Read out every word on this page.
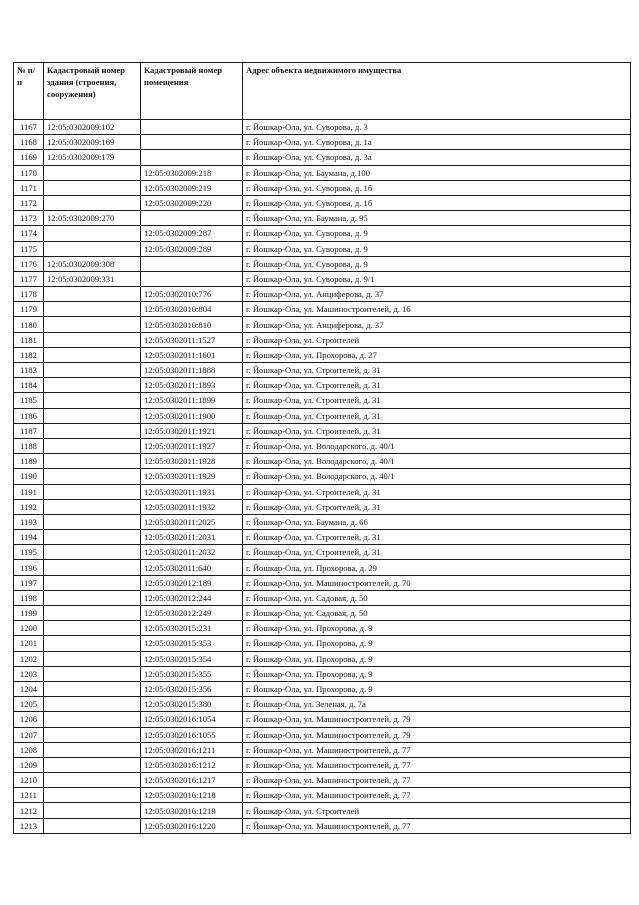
№ п/п	Кадастровый номер здания (строения, сооружения)	Кадастровый номер помещения	Адрес объекта недвижимого имущества
1167	12:05:0302009:102		г. Йошкар-Ола, ул. Суворова, д. 3
1168	12:05:0302009:169		г. Йошкар-Ола, ул. Суворова, д. 1а
1169	12:05:0302009:179		г. Йошкар-Ола, ул. Суворова, д. 3а
1170		12:05:0302009:218	г. Йошкар-Ола, ул. Баумана, д.100
1171		12:05:0302009:219	г. Йошкар-Ола, ул. Суворова, д. 1б
1172		12:05:0302009:220	г. Йошкар-Ола, ул. Суворова, д. 1б
1173	12:05:0302009:270		г. Йошкар-Ола, ул. Баумана, д. 95
1174		12:05:0302009:287	г. Йошкар-Ола, ул. Суворова, д. 9
1175		12:05:0302009:289	г. Йошкар-Ола, ул. Суворова, д. 9
1176	12:05:0302009:308		г. Йошкар-Ола, ул. Суворова, д. 9
1177	12:05:0302009:331		г. Йошкар-Ола, ул. Суворова, д. 9/1
1178		12:05:0302010:776	г. Йошкар-Ола, ул. Анциферова, д. 37
1179		12:05:0302010:804	г. Йошкар-Ола, ул. Машиностроителей, д. 16
1180		12:05:0302010:810	г. Йошкар-Ола, ул. Анциферова, д. 37
1181		12:05:0302011:1527	г. Йошкар-Ола, ул. Строителей
1182		12:05:0302011:1601	г. Йошкар-Ола, ул. Прохорова, д. 27
1183		12:05:0302011:1888	г. Йошкар-Ола, ул. Строителей, д. 31
1184		12:05:0302011:1893	г. Йошкар-Ола, ул. Строителей, д. 31
1185		12:05:0302011:1899	г. Йошкар-Ола, ул. Строителей, д. 31
1186		12:05:0302011:1900	г. Йошкар-Ола, ул. Строителей, д. 31
1187		12:05:0302011:1921	г. Йошкар-Ола, ул. Строителей, д. 31
1188		12:05:0302011:1927	г. Йошкар-Ола, ул. Володарского, д. 40/1
1189		12:05:0302011:1928	г. Йошкар-Ола, ул. Володарского, д. 40/1
1190		12:05:0302011:1929	г. Йошкар-Ола, ул. Володарского, д. 40/1
1191		12:05:0302011:1931	г. Йошкар-Ола, ул. Строителей, д. 31
1192		12:05:0302011:1932	г. Йошкар-Ола, ул. Строителей, д. 31
1193		12:05:0302011:2025	г. Йошкар-Ола, ул. Баумана, д. 66
1194		12:05:0302011:2031	г. Йошкар-Ола, ул. Строителей, д. 31
1195		12:05:0302011:2032	г. Йошкар-Ола, ул. Строителей, д. 31
1196		12:05:0302011:640	г. Йошкар-Ола, ул. Прохорова, д. 29
1197		12:05:0302012:189	г. Йошкар-Ола, ул. Машиностроителей, д. 70
1198		12:05:0302012:244	г. Йошкар-Ола, ул. Садовая, д. 50
1199		12:05:0302012:249	г. Йошкар-Ола, ул. Садовая, д. 50
1200		12:05:0302015:231	г. Йошкар-Ола, ул. Прохорова, д. 9
1201		12:05:0302015:353	г. Йошкар-Ола, ул. Прохорова, д. 9
1202		12:05:0302015:354	г. Йошкар-Ола, ул. Прохорова, д. 9
1203		12:05:0302015:355	г. Йошкар-Ола, ул. Прохорова, д. 9
1204		12:05:0302015:356	г. Йошкар-Ола, ул. Прохорова, д. 9
1205		12:05:0302015:380	г. Йошкар-Ола, ул. Зеленая, д. 7а
1206		12:05:0302016:1054	г. Йошкар-Ола, ул. Машиностроителей, д. 79
1207		12:05:0302016:1055	г. Йошкар-Ола, ул. Машиностроителей, д. 79
1208		12:05:0302016:1211	г. Йошкар-Ола, ул. Машиностроителей, д. 77
1209		12:05:0302016:1212	г. Йошкар-Ола, ул. Машиностроителей, д. 77
1210		12:05:0302016:1217	г. Йошкар-Ола, ул. Машиностроителей, д. 77
1211		12:05:0302016:1218	г. Йошкар-Ола, ул. Машиностроителей, д. 77
1212		12:05:0302016:1219	г. Йошкар-Ола, ул. Строителей
1213		12:05:0302016:1220	г. Йошкар-Ола, ул. Машиностроителей, д. 77
